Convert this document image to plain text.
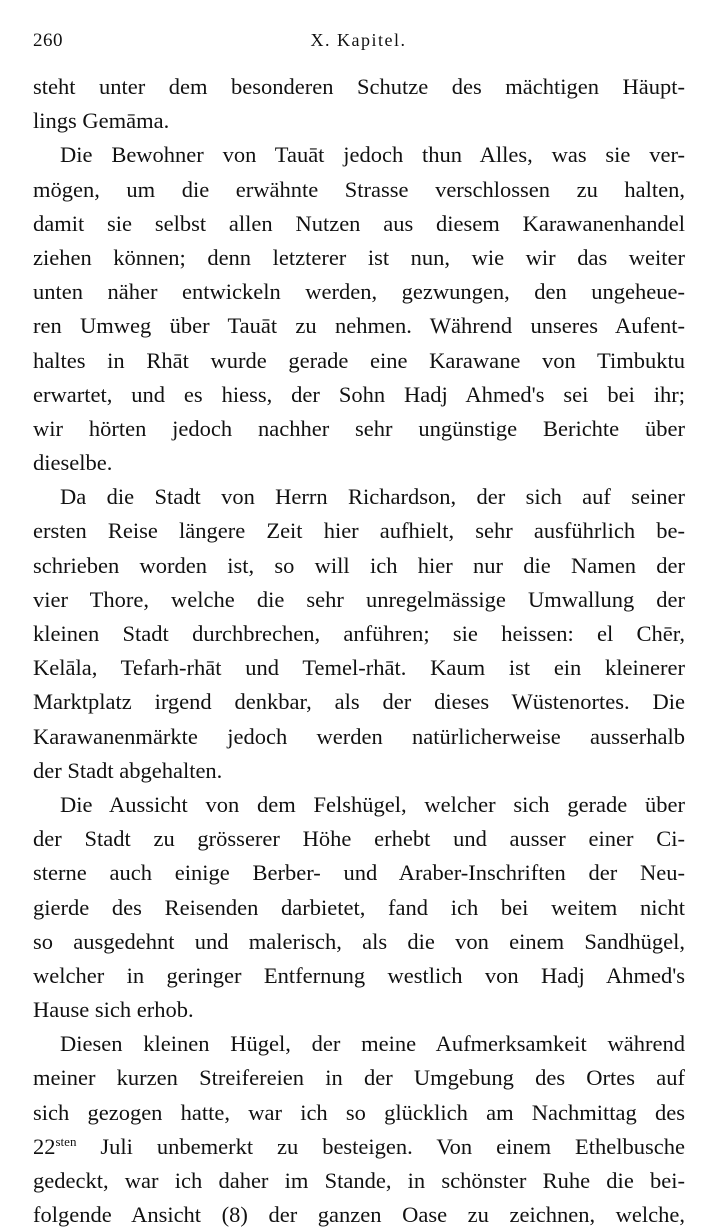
260	X. Kapitel.
steht unter dem besonderen Schutze des mächtigen Häupt-
lings Gemāma.
Die Bewohner von Tauāt jedoch thun Alles, was sie ver-
mögen, um die erwähnte Strasse verschlossen zu halten,
damit sie selbst allen Nutzen aus diesem Karawanenhandel
ziehen können; denn letzterer ist nun, wie wir das weiter
unten näher entwickeln werden, gezwungen, den ungeheue-
ren Umweg über Tauāt zu nehmen. Während unseres Aufent-
haltes in Rhāt wurde gerade eine Karawane von Timbuktu
erwartet, und es hiess, der Sohn Hadj Ahmed's sei bei ihr;
wir hörten jedoch nachher sehr ungünstige Berichte über
dieselbe.
Da die Stadt von Herrn Richardson, der sich auf seiner
ersten Reise längere Zeit hier aufhielt, sehr ausführlich be-
schrieben worden ist, so will ich hier nur die Namen der
vier Thore, welche die sehr unregelmässige Umwallung der
kleinen Stadt durchbrechen, anführen; sie heissen: el Chēr,
Kelāla, Tefarh-rhāt und Temel-rhāt. Kaum ist ein kleinerer
Marktplatz irgend denkbar, als der dieses Wüstenortes. Die
Karawanenmärkte jedoch werden natürlicherweise ausserhalb
der Stadt abgehalten.
Die Aussicht von dem Felshügel, welcher sich gerade über
der Stadt zu grösserer Höhe erhebt und ausser einer Ci-
sterne auch einige Berber- und Araber-Inschriften der Neu-
gierde des Reisenden darbietet, fand ich bei weitem nicht
so ausgedehnt und malerisch, als die von einem Sandhügel,
welcher in geringer Entfernung westlich von Hadj Ahmed's
Hause sich erhob.
Diesen kleinen Hügel, der meine Aufmerksamkeit während
meiner kurzen Streifereien in der Umgebung des Ortes auf
sich gezogen hatte, war ich so glücklich am Nachmittag des
$22^{sten}$ Juli unbemerkt zu besteigen. Von einem Ethelbusche
gedeckt, war ich daher im Stande, in schönster Ruhe die bei-
folgende Ansicht (8) der ganzen Oase zu zeichnen, welche,
